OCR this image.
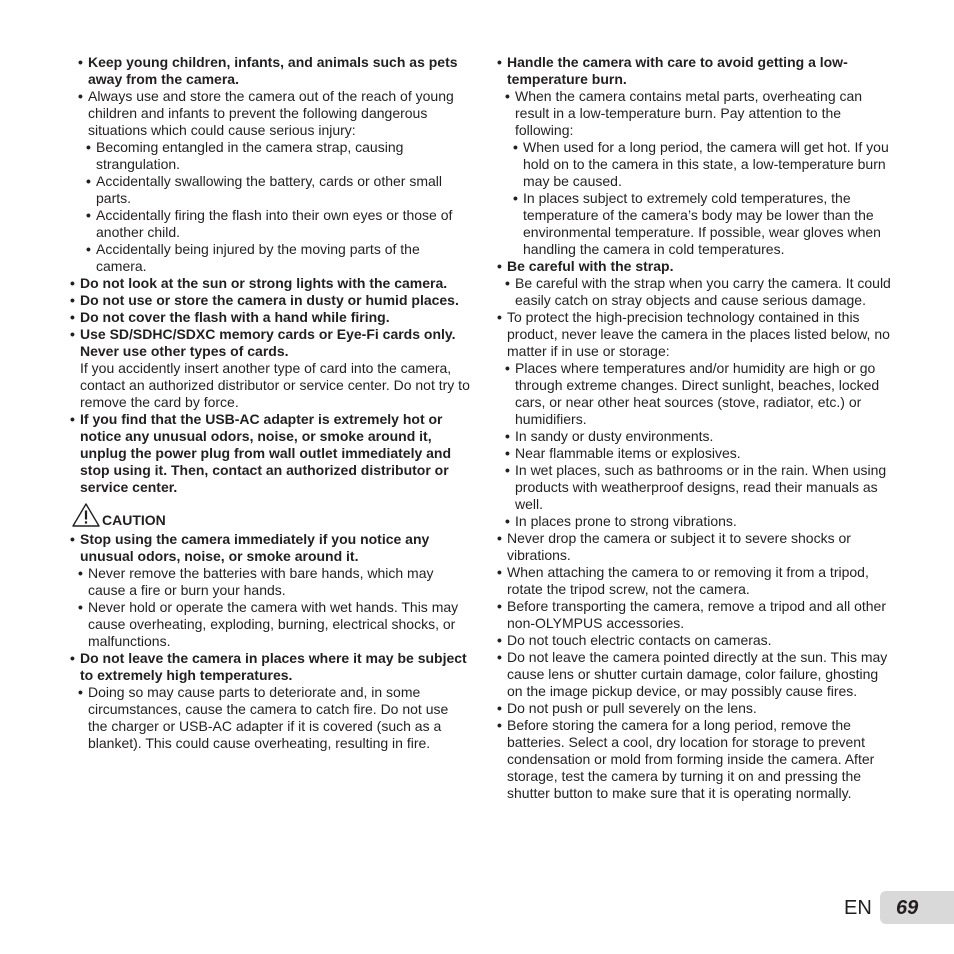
• Keep young children, infants, and animals such as pets away from the camera.
• Always use and store the camera out of the reach of young children and infants to prevent the following dangerous situations which could cause serious injury:
• Becoming entangled in the camera strap, causing strangulation.
• Accidentally swallowing the battery, cards or other small parts.
• Accidentally firing the flash into their own eyes or those of another child.
• Accidentally being injured by the moving parts of the camera.
• Do not look at the sun or strong lights with the camera.
• Do not use or store the camera in dusty or humid places.
• Do not cover the flash with a hand while firing.
• Use SD/SDHC/SDXC memory cards or Eye-Fi cards only. Never use other types of cards.
If you accidently insert another type of card into the camera, contact an authorized distributor or service center. Do not try to remove the card by force.
• If you find that the USB-AC adapter is extremely hot or notice any unusual odors, noise, or smoke around it, unplug the power plug from wall outlet immediately and stop using it. Then, contact an authorized distributor or service center.
CAUTION
• Stop using the camera immediately if you notice any unusual odors, noise, or smoke around it.
• Never remove the batteries with bare hands, which may cause a fire or burn your hands.
• Never hold or operate the camera with wet hands. This may cause overheating, exploding, burning, electrical shocks, or malfunctions.
• Do not leave the camera in places where it may be subject to extremely high temperatures.
• Doing so may cause parts to deteriorate and, in some circumstances, cause the camera to catch fire. Do not use the charger or USB-AC adapter if it is covered (such as a blanket). This could cause overheating, resulting in fire.
• Handle the camera with care to avoid getting a low-temperature burn.
• When the camera contains metal parts, overheating can result in a low-temperature burn. Pay attention to the following:
• When used for a long period, the camera will get hot. If you hold on to the camera in this state, a low-temperature burn may be caused.
• In places subject to extremely cold temperatures, the temperature of the camera’s body may be lower than the environmental temperature. If possible, wear gloves when handling the camera in cold temperatures.
• Be careful with the strap.
• Be careful with the strap when you carry the camera. It could easily catch on stray objects and cause serious damage.
• To protect the high-precision technology contained in this product, never leave the camera in the places listed below, no matter if in use or storage:
• Places where temperatures and/or humidity are high or go through extreme changes. Direct sunlight, beaches, locked cars, or near other heat sources (stove, radiator, etc.) or humidifiers.
• In sandy or dusty environments.
• Near flammable items or explosives.
• In wet places, such as bathrooms or in the rain. When using products with weatherproof designs, read their manuals as well.
• In places prone to strong vibrations.
• Never drop the camera or subject it to severe shocks or vibrations.
• When attaching the camera to or removing it from a tripod, rotate the tripod screw, not the camera.
• Before transporting the camera, remove a tripod and all other non-OLYMPUS accessories.
• Do not touch electric contacts on cameras.
• Do not leave the camera pointed directly at the sun. This may cause lens or shutter curtain damage, color failure, ghosting on the image pickup device, or may possibly cause fires.
• Do not push or pull severely on the lens.
• Before storing the camera for a long period, remove the batteries. Select a cool, dry location for storage to prevent condensation or mold from forming inside the camera. After storage, test the camera by turning it on and pressing the shutter button to make sure that it is operating normally.
EN 69
